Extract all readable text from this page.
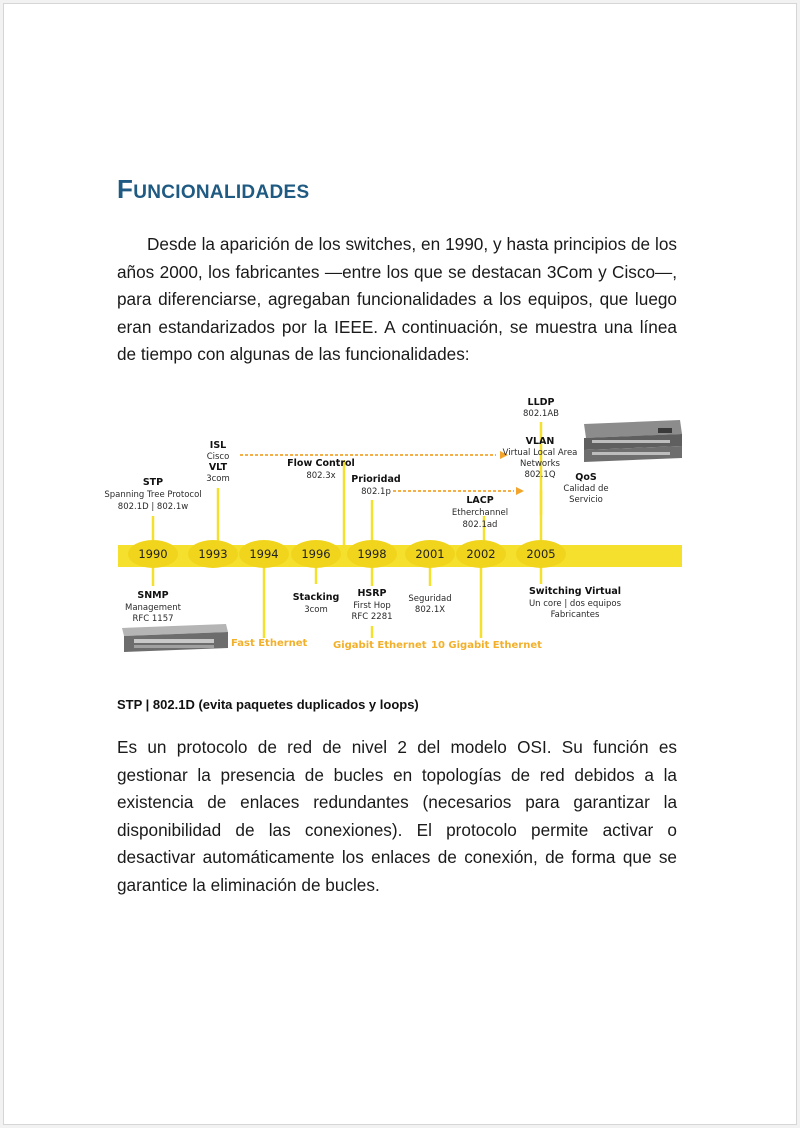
FUNCIONALIDADES
Desde la aparición de los switches, en 1990, y hasta principios de los años 2000, los fabricantes —entre los que se destacan 3Com y Cisco—, para diferenciarse, agregaban funcionalidades a los equipos, que luego eran estandarizados por la IEEE. A continuación, se muestra una línea de tiempo con algunas de las funcionalidades:
1990	1993 1994 1996 1998 2001 2002	2005
STP
Spanning Tree Protocol
802.1D | 802.1w
ISL
Cisco
VLT
3com
Flow Control
802.3x Prioridad
802.1p
LACP
Etherchannel
802.1ad
LLDP
802.1AB
VLAN
Virtual Local Area
Networks
802.1Q QoS
Calidad de
Servicio
SNMP
Management
RFC 1157
Stacking
3com
HSRP
First Hop
RFC 2281
Seguridad
802.1X
Switching Virtual
Un core | dos equipos
Fabricantes
Fast Ethernet	Gigabit Ethernet 10 Gigabit Ethernet
STP | 802.1D (evita paquetes duplicados y loops)
Es un protocolo de red de nivel 2 del modelo OSI. Su función es gestionar la presencia de bucles en topologías de red debidos a la existencia de enlaces redundantes (necesarios para garantizar la disponibilidad de las conexiones). El protocolo permite activar o desactivar automáticamente los enlaces de conexión, de forma que se garantice la eliminación de bucles.
